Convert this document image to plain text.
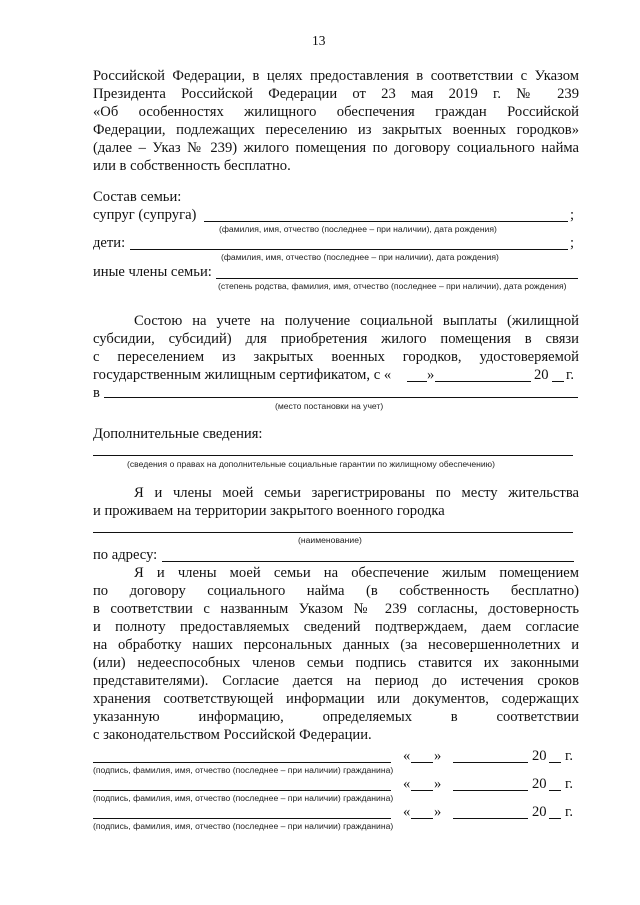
13
Российской Федерации, в целях предоставления в соответствии с Указом
Президента Российской Федерации от 23 мая 2019 г. № 239
«Об особенностях жилищного обеспечения граждан Российской
Федерации, подлежащих переселению из закрытых военных городков»
(далее – Указ № 239) жилого помещения по договору социального найма
или в собственность бесплатно.
Состав семьи:
супруг (супруга)	;
(фамилия, имя, отчество (последнее – при наличии), дата рождения)
дети:	;
(фамилия, имя, отчество (последнее – при наличии), дата рождения)
иные члены семьи:
(степень родства, фамилия, имя, отчество (последнее – при наличии), дата рождения)
Состою на учете на получение социальной выплаты (жилищной
субсидии, субсидий) для приобретения жилого помещения в связи
с переселением из закрытых военных городков, удостоверяемой
государственным жилищным сертификатом, с « »	20 г.
в
(место постановки на учет)
Дополнительные сведения:
(сведения о правах на дополнительные социальные гарантии по жилищному обеспечению)
Я и члены моей семьи зарегистрированы по месту жительства
и проживаем на территории закрытого военного городка
(наименование)
по адресу:
Я и члены моей семьи на обеспечение жилым помещением
по договору социального найма (в собственность бесплатно)
в соответствии с названным Указом № 239 согласны, достоверность
и полноту предоставляемых сведений подтверждаем, даем согласие
на обработку наших персональных данных (за несовершеннолетних и
(или) недееспособных членов семьи подпись ставится их законными
представителями). Согласие дается на период до истечения сроков
хранения соответствующей информации или документов, содержащих
указанную информацию, определяемых в соответствии
с законодательством Российской Федерации.
« »	20 г.
(подпись, фамилия, имя, отчество (последнее – при наличии) гражданина)
« »	20 г.
(подпись, фамилия, имя, отчество (последнее – при наличии) гражданина)
« »	20 г.
(подпись, фамилия, имя, отчество (последнее – при наличии) гражданина)
